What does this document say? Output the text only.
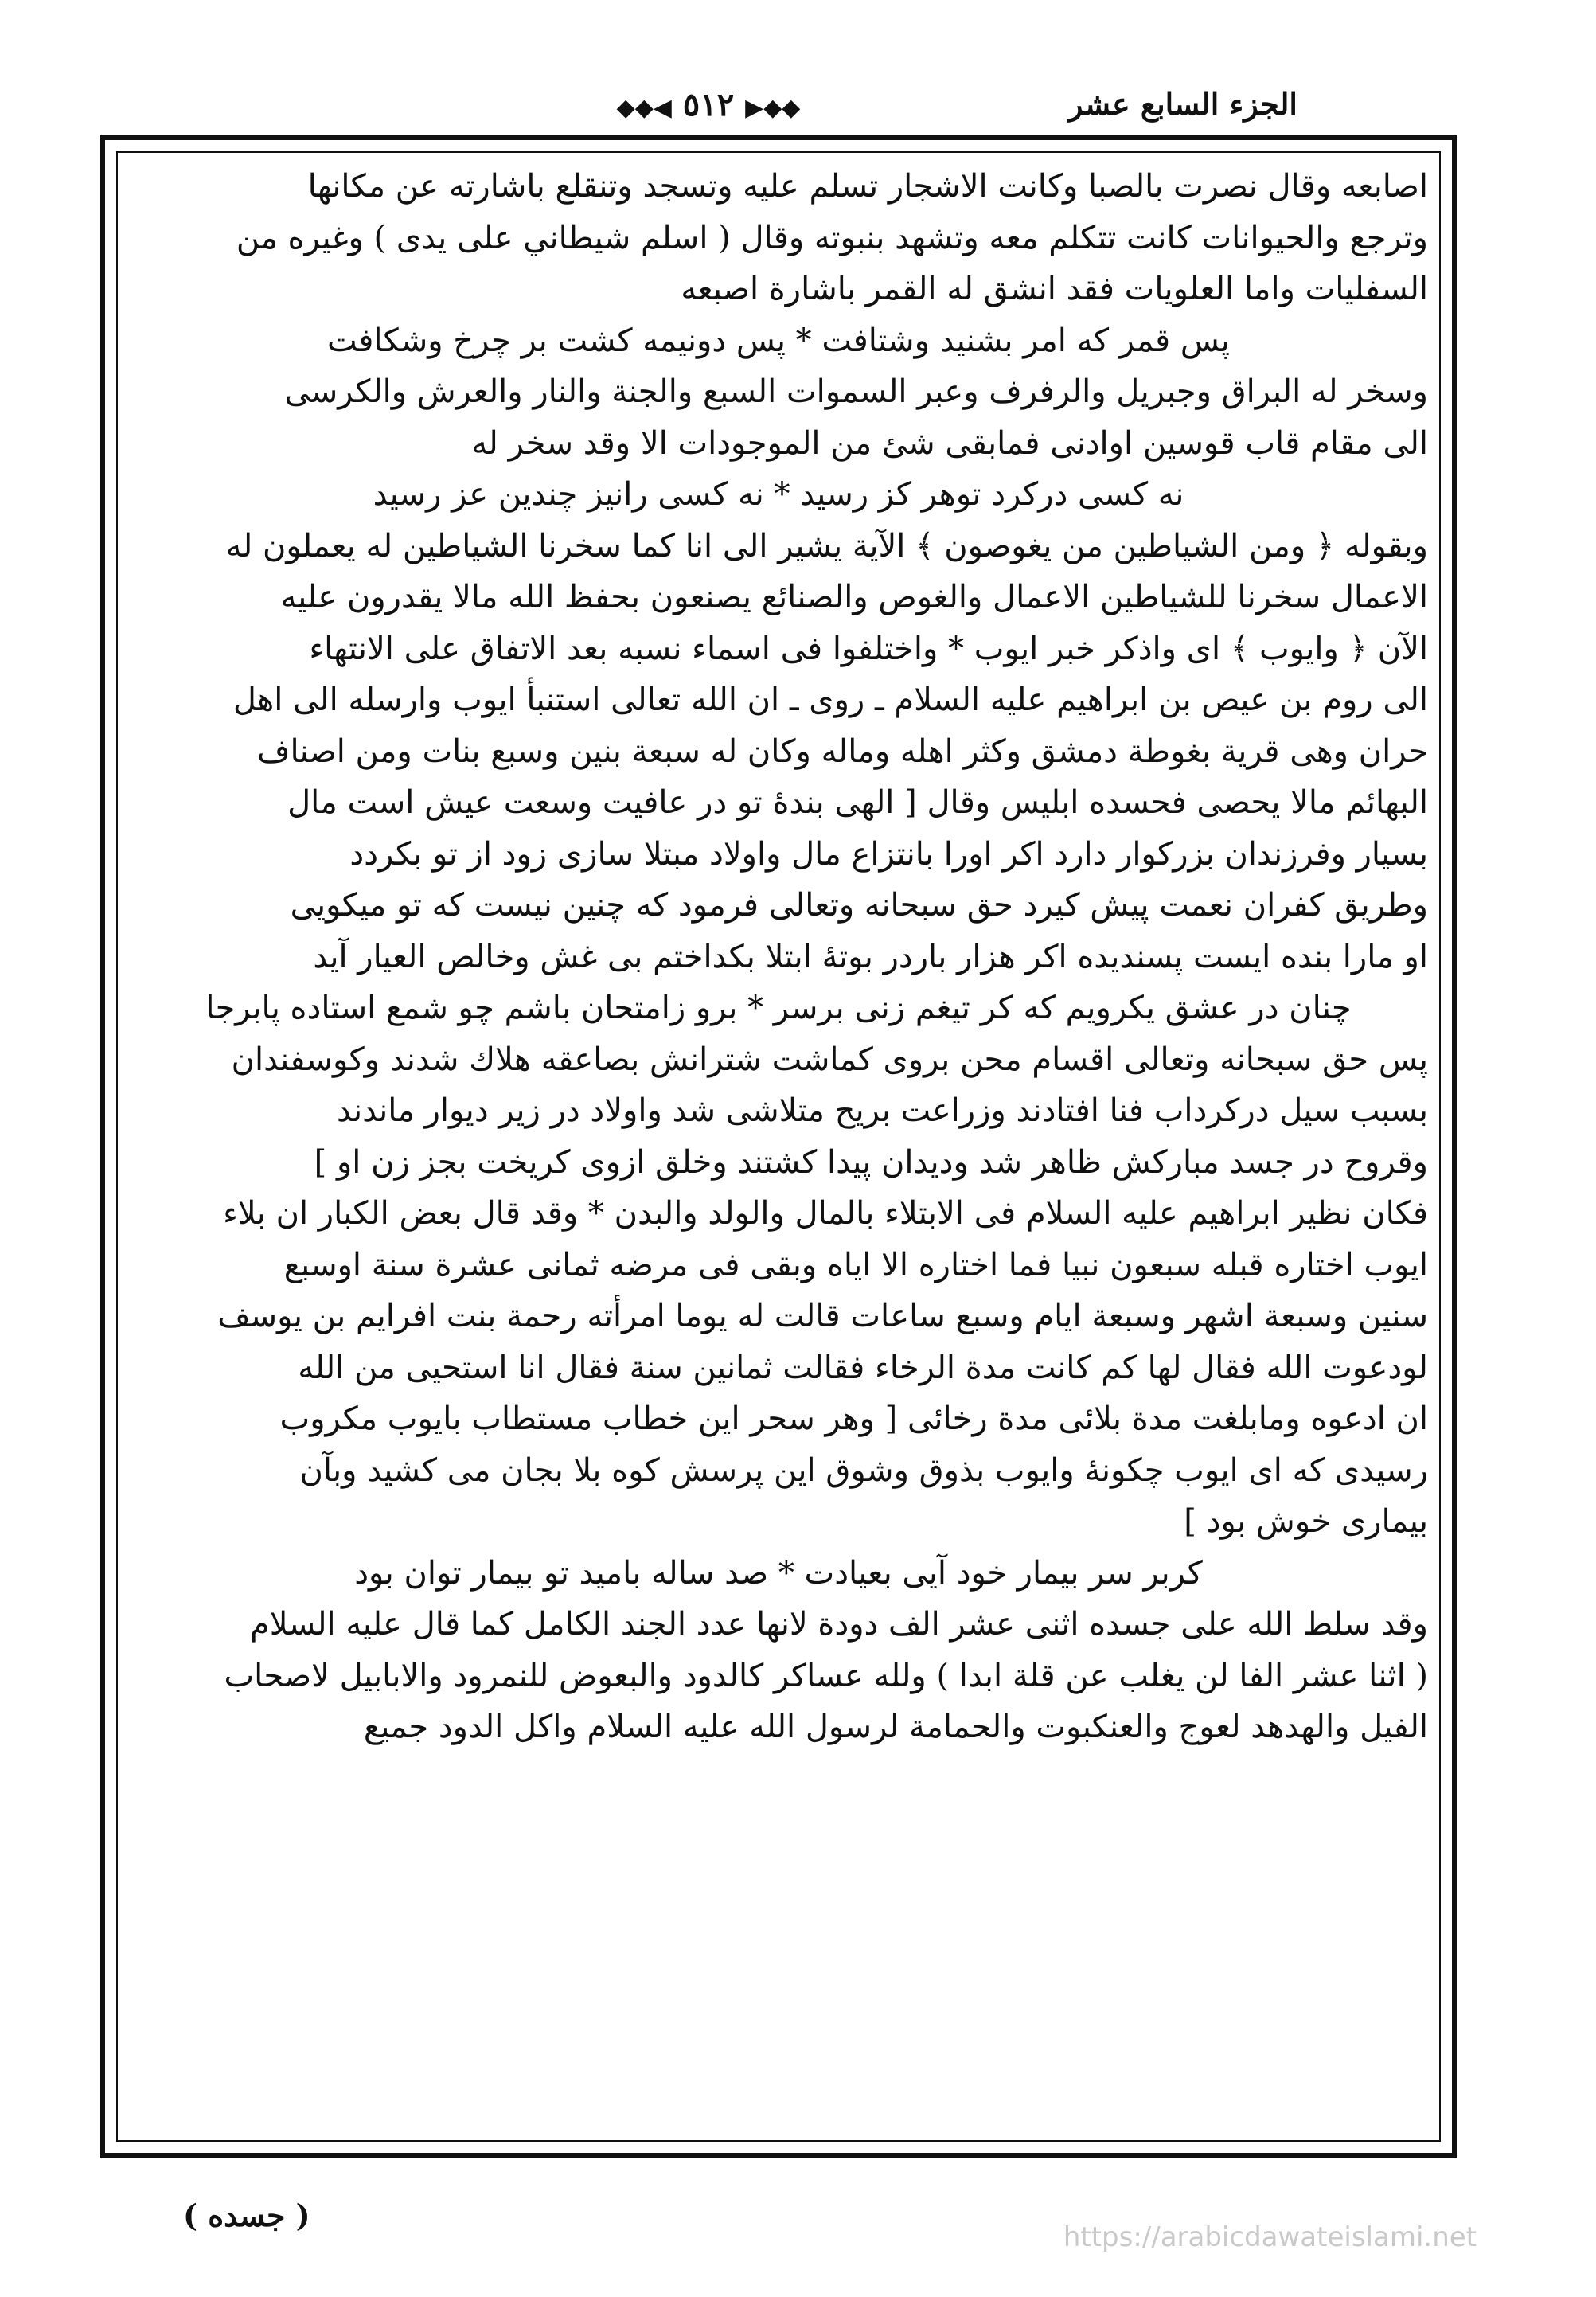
الجزء السابع عشر
◆◆▶ ٥١٢ ◀◆◆
اصابعه وقال نصرت بالصبا وكانت الاشجار تسلم عليه وتسجد وتنقلع باشارته عن مكانها
وترجع والحيوانات كانت تتكلم معه وتشهد بنبوته وقال ( اسلم شيطاني على يدى ) وغيره من
السفليات واما العلويات فقد انشق له القمر باشارة اصبعه
پس قمر كه امر بشنيد وشتافت * پس دونيمه كشت بر چرخ وشكافت
وسخر له البراق وجبريل والرفرف وعبر السموات السبع والجنة والنار والعرش والكرسى
الى مقام قاب قوسين اوادنى فمابقى شئ من الموجودات الا وقد سخر له
نه كسى دركرد توهر كز رسيد * نه كسى رانيز چندين عز رسيد
وبقوله ﴿ ومن الشياطين من يغوصون ﴾ الآية يشير الى انا كما سخرنا الشياطين له يعملون له
الاعمال سخرنا للشياطين الاعمال والغوص والصنائع يصنعون بحفظ الله مالا يقدرون عليه
الآن ﴿ وايوب ﴾ اى واذكر خبر ايوب * واختلفوا فى اسماء نسبه بعد الاتفاق على الانتهاء
الى روم بن عيص بن ابراهيم عليه السلام ـ روى ـ ان الله تعالى استنبأ ايوب وارسله الى اهل
حران وهى قرية بغوطة دمشق وكثر اهله وماله وكان له سبعة بنين وسبع بنات ومن اصناف
البهائم مالا يحصى فحسده ابليس وقال [ الهى بندهٔ تو در عافيت وسعت عيش است مال
بسيار وفرزندان بزركوار دارد اكر اورا بانتزاع مال واولاد مبتلا سازى زود از تو بكردد
وطريق كفران نعمت پيش كيرد حق سبحانه وتعالى فرمود كه چنين نيست كه تو ميكويى
او مارا بنده ايست پسنديده اكر هزار باردر بوتهٔ ابتلا بكداختم بى غش وخالص العيار آيد
چنان در عشق يكرويم كه كر تيغم زنى برسر * برو زامتحان باشم چو شمع استاده پابرجا
پس حق سبحانه وتعالى اقسام محن بروى كماشت شترانش بصاعقه هلاك شدند وكوسفندان
بسبب سيل دركرداب فنا افتادند وزراعت بريح متلاشى شد واولاد در زير ديوار ماندند
وقروح در جسد مباركش ظاهر شد وديدان پيدا كشتند وخلق ازوى كريخت بجز زن او ]
فكان نظير ابراهيم عليه السلام فى الابتلاء بالمال والولد والبدن * وقد قال بعض الكبار ان بلاء
ايوب اختاره قبله سبعون نبيا فما اختاره الا اياه وبقى فى مرضه ثمانى عشرة سنة اوسبع
سنين وسبعة اشهر وسبعة ايام وسبع ساعات قالت له يوما امرأته رحمة بنت افرايم بن يوسف
لودعوت الله فقال لها كم كانت مدة الرخاء فقالت ثمانين سنة فقال انا استحيى من الله
ان ادعوه ومابلغت مدة بلائى مدة رخائى [ وهر سحر اين خطاب مستطاب بايوب مكروب
رسيدى كه اى ايوب چكونهٔ وايوب بذوق وشوق اين پرسش كوه بلا بجان مى كشيد وبآن
بيمارى خوش بود ]
كربر سر بيمار خود آيى بعيادت * صد ساله باميد تو بيمار توان بود
وقد سلط الله على جسده اثنى عشر الف دودة لانها عدد الجند الكامل كما قال عليه السلام
( اثنا عشر الفا لن يغلب عن قلة ابدا ) ولله عساكر كالدود والبعوض للنمرود والابابيل لاصحاب
الفيل والهدهد لعوج والعنكبوت والحمامة لرسول الله عليه السلام واكل الدود جميع
( جسده )
https://arabicdawateislami.net
